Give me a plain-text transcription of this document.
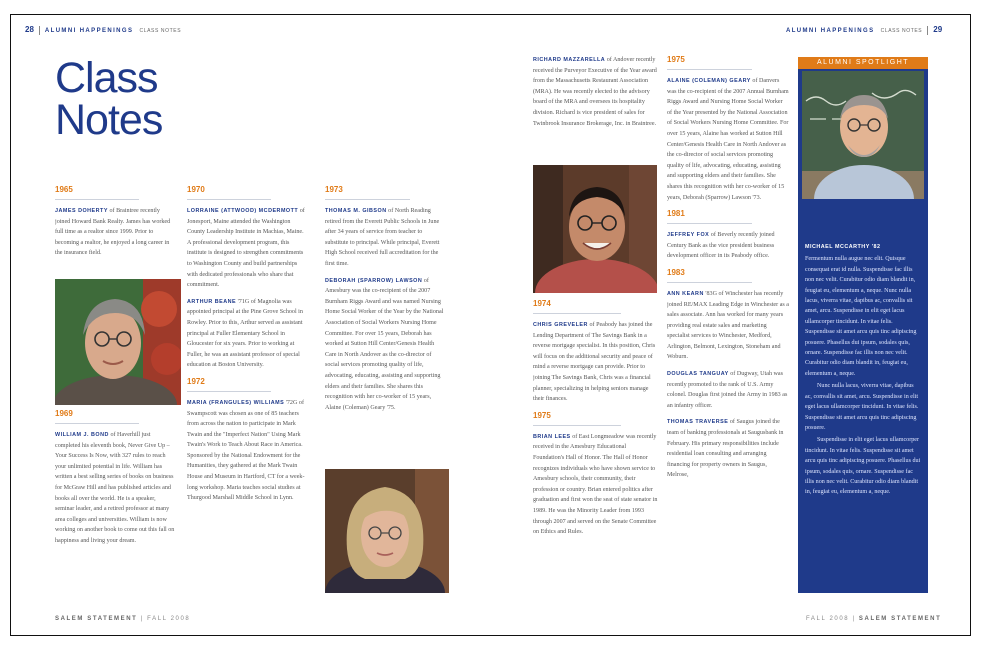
28 ALUMNI HAPPENINGS CLASS NOTES	ALUMNI HAPPENINGS CLASS NOTES 29
Class
Notes
1965

JAMES DOHERTY of Braintree recently joined Howard Bank Realty. James has worked full time as a realtor since 1999. Prior to becoming a realtor, he enjoyed a long career in the insurance field.

1969

WILLIAM J. BOND of Haverhill just completed his eleventh book, Never Give Up – Your Success Is Now, with 327 rules to reach your unlimited potential in life. William has written a best selling series of books on business for McGraw Hill and has published articles and books all over the world. He is a speaker, seminar leader, and a retired professor at many area colleges and universities. William is now working on another book to come out this fall on happiness and living your dream.

1970

LORRAINE (ATTWOOD) MCDERMOTT of Jonesport, Maine attended the Washington County Leadership Institute in Machias, Maine. A professional development program, this institute is designed to strengthen commitments to Washington County and build partnerships with dedicated professionals who share that commitment.

ARTHUR BEANE '71G of Magnolia was appointed principal at the Pine Grove School in Rowley. Prior to this, Arthur served as assistant principal at Fuller Elementary School in Gloucester for six years. Prior to working at Fuller, he was an assistant professor of special education at Boston University.

1972

MARIA (FRANGULES) WILLIAMS '72G of Swampscott was chosen as one of 85 teachers from across the nation to participate in Mark Twain and the "Imperfect Nation" Using Mark Twain's Work to Teach About Race in America. Sponsored by the National Endowment for the Humanities, they gathered at the Mark Twain House and Museum in Hartford, CT for a week-long workshop. Maria teaches social studies at Thurgood Marshall Middle School in Lynn.

1973

THOMAS M. GIBSON of North Reading retired from the Everett Public Schools in June after 34 years of service from teacher to substitute to principal. While principal, Everett High School received full accreditation for the first time.

DEBORAH (SPARROW) LAWSON of Amesbury was the co-recipient of the 2007 Burnham Riggs Award and was named Nursing Home Social Worker of the Year by the National Association of Social Workers Nursing Home Committee. For over 15 years, Deborah has worked at Sutton Hill Center/Genesis Health Care in North Andover as the co-director of social services promoting quality of life, advocating, educating, assisting and supporting elders and their families. She shares this recognition with her co-worker of 15 years, Alaine (Coleman) Geary '75.

RICHARD MAZZARELLA of Andover recently received the Purveyor Executive of the Year award from the Massachusetts Restaurant Association (MRA). He was recently elected to the advisory board of the MRA and oversees its hospitality division. Richard is vice president of sales for Twinbrook Insurance Brokerage, Inc. in Braintree.

1974

CHRIS GREVELER of Peabody has joined the Lending Department of The Savings Bank in a reverse mortgage specialist. In this position, Chris will focus on the additional security and peace of mind a reverse mortgage can provide. Prior to joining The Savings Bank, Chris was a financial planner, specializing in helping seniors manage their finances.

1975

BRIAN LEES of East Longmeadow was recently received in the Amesbury Educational Foundation's Hall of Honor. The Hall of Honor recognizes individuals who have shown service to Amesbury schools, their community, their profession or country. Brian entered politics after graduation and first won the seat of state senator in 1989. He was the Minority Leader from 1993 through 2007 and served on the Senate Committee on Ethics and Rules.

1975

ALAINE (COLEMAN) GEARY of Danvers was the co-recipient of the 2007 Annual Burnham Riggs Award and Nursing Home Social Worker of the Year presented by the National Association of Social Workers Nursing Home Committee. For over 15 years, Alaine has worked at Sutton Hill Center/Genesis Health Care in North Andover as the co-director of social services promoting quality of life, advocating, educating, assisting and supporting elders and their families. She shares this recognition with her co-worker of 15 years, Deborah (Sparrow) Lawson '73.

1981

JEFFREY FOX of Beverly recently joined Century Bank as the vice president business development officer in its Peabody office.

1983

ANN KEARN '83G of Winchester has recently joined RE/MAX Leading Edge in Winchester as a sales associate. Ann has worked for many years providing real estate sales and marketing specialist services to Winchester, Medford, Arlington, Belmont, Lexington, Stoneham and Woburn.

DOUGLAS TANGUAY of Dugway, Utah was recently promoted to the rank of U.S. Army colonel. Douglas first joined the Army in 1983 as an infantry officer.

THOMAS TRAVERSE of Saugus joined the team of banking professionals at Saugusbank in February. His primary responsibilities include residential loan consulting and arranging financing for property owners in Saugus, Melrose,

ALUMNI SPOTLIGHT

MICHAEL MCCARTHY '82

Fermentum nulla augue nec elit. Quisque consequat erat id nulla. Suspendisse fac illis non nec velit. Curabitur odio diam blandit in, feugiat eu, elementum a, neque. Nunc nulla lacus, viverra vitae, dapibus ac, convallis sit amet, arcu. Suspendisse in elit eget lacus ullamcorper tincidunt. In vitae felis. Suspendisse sit amet arcu quis tinc adipiscing posuere. Phasellus dui ipsum, sodales quis, ornare. Suspendisse fac illis non nec velit. Curabitur odio diam blandit in, feugiat eu, elementum a, neque.

Nunc nulla lacus, viverra vitae, dapibus ac, convallis sit amet, arcu. Suspendisse in elit eget lacus ullamcorper tincidunt. In vitae felis. Suspendisse sit amet arcu quis tinc adipiscing posuere.

Suspendisse in elit eget lacus ullamcorper tincidunt. In vitae felis. Suspendisse sit amet arcu quis tinc adipiscing posuere. Phasellus dui ipsum, sodales quis, ornare. Suspendisse fac illis non nec velit. Curabitur odio diam blandit in, feugiat eu, elementum a, neque.

SALEM STATEMENT | FALL 2008	FALL 2008 | SALEM STATEMENT
